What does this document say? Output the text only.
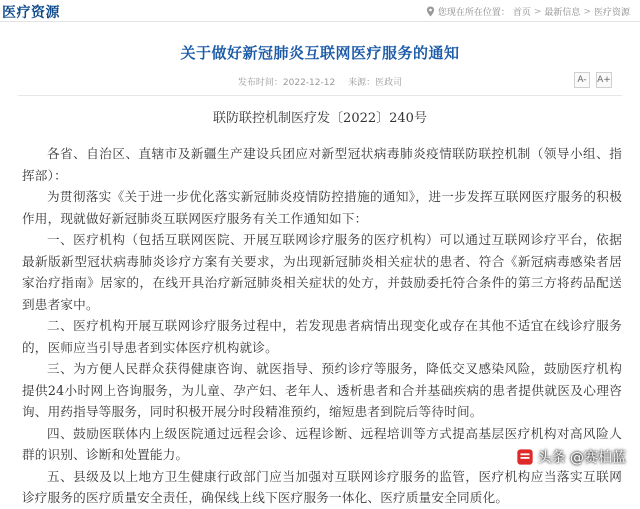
医疗资源	您现在所在位置： 首页 > 最新信息 > 医疗资源
关于做好新冠肺炎互联网医疗服务的通知
发布时间：2022-12-12 来源：医政司	A-	A+
联防联控机制医疗发〔2022〕240号

各省、自治区、直辖市及新疆生产建设兵团应对新型冠状病毒肺炎疫情联防联控机制（领导小组、指挥部）：

为贯彻落实《关于进一步优化落实新冠肺炎疫情防控措施的通知》，进一步发挥互联网医疗服务的积极作用，现就做好新冠肺炎互联网医疗服务有关工作通知如下：

一、医疗机构（包括互联网医院、开展互联网诊疗服务的医疗机构）可以通过互联网诊疗平台，依据最新版新型冠状病毒肺炎诊疗方案有关要求，为出现新冠肺炎相关症状的患者、符合《新冠病毒感染者居家治疗指南》居家的，在线开具治疗新冠肺炎相关症状的处方，并鼓励委托符合条件的第三方将药品配送到患者家中。

二、医疗机构开展互联网诊疗服务过程中，若发现患者病情出现变化或存在其他不适宜在线诊疗服务的，医师应当引导患者到实体医疗机构就诊。

三、为方便人民群众获得健康咨询、就医指导、预约诊疗等服务，降低交叉感染风险，鼓励医疗机构提供24小时网上咨询服务，为儿童、孕产妇、老年人、透析患者和合并基础疾病的患者提供就医及心理咨询、用药指导等服务，同时积极开展分时段精准预约，缩短患者到院后等待时间。

四、鼓励医联体内上级医院通过远程会诊、远程诊断、远程培训等方式提高基层医疗机构对高风险人群的识别、诊断和处置能力。

五、县级及以上地方卫生健康行政部门应当加强对互联网诊疗服务的监管，医疗机构应当落实互联网诊疗服务的医疗质量安全责任，确保线上线下医疗服务一体化、医疗质量安全同质化。

头条 @赛柏蓝
